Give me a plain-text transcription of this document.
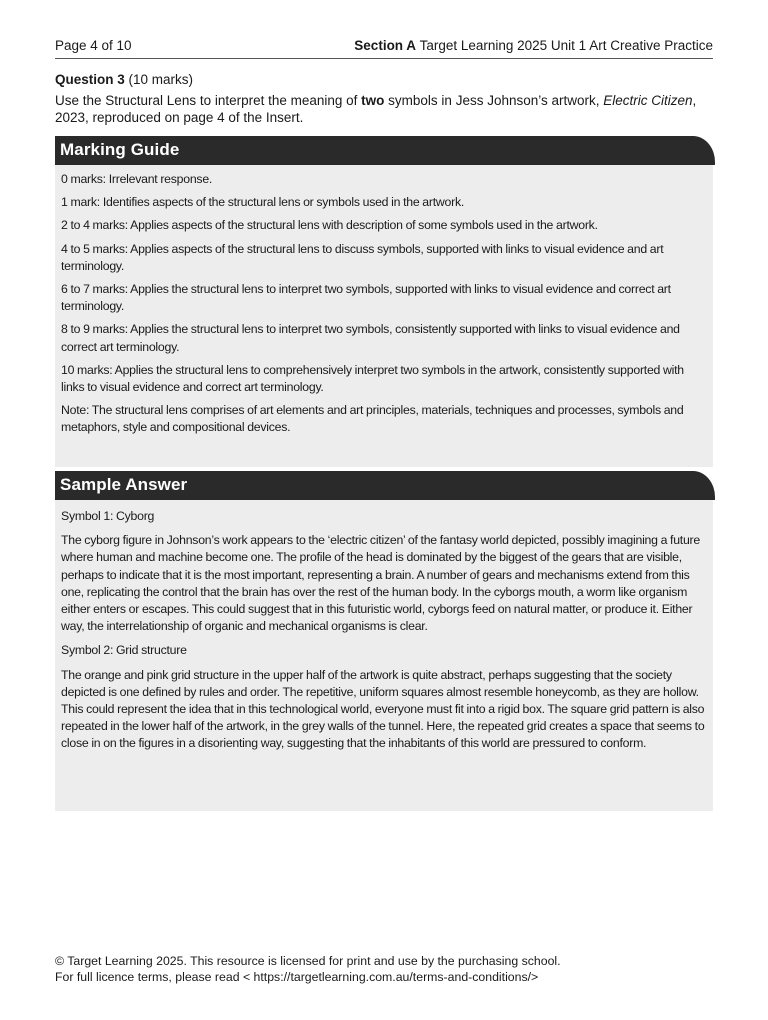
Page 4 of 10	Section A Target Learning 2025 Unit 1 Art Creative Practice
Question 3 (10 marks)

Use the Structural Lens to interpret the meaning of two symbols in Jess Johnson’s artwork, Electric Citizen, 2023, reproduced on page 4 of the Insert.

Marking Guide

0 marks: Irrelevant response.

1 mark: Identifies aspects of the structural lens or symbols used in the artwork.

2 to 4 marks: Applies aspects of the structural lens with description of some symbols used in the artwork.

4 to 5 marks: Applies aspects of the structural lens to discuss symbols, supported with links to visual evidence and art terminology.

6 to 7 marks: Applies the structural lens to interpret two symbols, supported with links to visual evidence and correct art terminology.

8 to 9 marks: Applies the structural lens to interpret two symbols, consistently supported with links to visual evidence and correct art terminology.

10 marks: Applies the structural lens to comprehensively interpret two symbols in the artwork, consistently supported with links to visual evidence and correct art terminology.

Note: The structural lens comprises of art elements and art principles, materials, techniques and processes, symbols and metaphors, style and compositional devices.

Sample Answer

Symbol 1: Cyborg

The cyborg figure in Johnson’s work appears to the ‘electric citizen’ of the fantasy world depicted, possibly imagining a future where human and machine become one. The profile of the head is dominated by the biggest of the gears that are visible, perhaps to indicate that it is the most important, representing a brain. A number of gears and mechanisms extend from this one, replicating the control that the brain has over the rest of the human body. In the cyborgs mouth, a worm like organism either enters or escapes. This could suggest that in this futuristic world, cyborgs feed on natural matter, or produce it. Either way, the interrelationship of organic and mechanical organisms is clear.

Symbol 2: Grid structure

The orange and pink grid structure in the upper half of the artwork is quite abstract, perhaps suggesting that the society depicted is one defined by rules and order. The repetitive, uniform squares almost resemble honeycomb, as they are hollow. This could represent the idea that in this technological world, everyone must fit into a rigid box. The square grid pattern is also repeated in the lower half of the artwork, in the grey walls of the tunnel. Here, the repeated grid creates a space that seems to close in on the figures in a disorienting way, suggesting that the inhabitants of this world are pressured to conform.

© Target Learning 2025. This resource is licensed for print and use by the purchasing school.
For full licence terms, please read < https://targetlearning.com.au/terms-and-conditions/>
